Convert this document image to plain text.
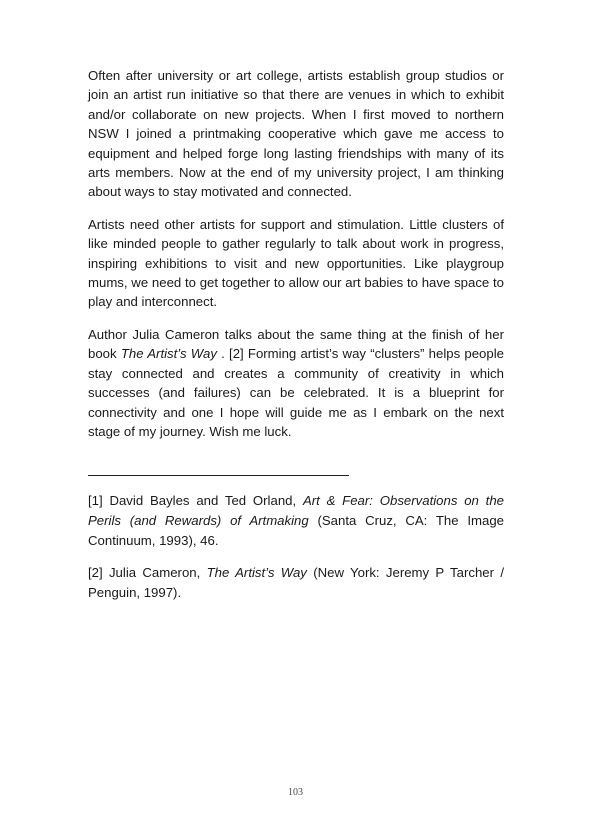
Often after university or art college, artists establish group studios or join an artist run initiative so that there are venues in which to exhibit and/or collaborate on new projects. When I first moved to northern NSW I joined a printmaking cooperative which gave me access to equipment and helped forge long lasting friendships with many of its arts members. Now at the end of my university project, I am thinking about ways to stay motivated and connected.

Artists need other artists for support and stimulation. Little clusters of like minded people to gather regularly to talk about work in progress, inspiring exhibitions to visit and new opportunities. Like playgroup mums, we need to get together to allow our art babies to have space to play and interconnect.

Author Julia Cameron talks about the same thing at the finish of her book The Artist’s Way . [2] Forming artist’s way “clusters” helps people stay connected and creates a community of creativity in which successes (and failures) can be celebrated. It is a blueprint for connectivity and one I hope will guide me as I embark on the next stage of my journey. Wish me luck.

[1] David Bayles and Ted Orland, Art & Fear: Observations on the Perils (and Rewards) of Artmaking (Santa Cruz, CA: The Image Continuum, 1993), 46.

[2] Julia Cameron, The Artist’s Way (New York: Jeremy P Tarcher / Penguin, 1997).

103
